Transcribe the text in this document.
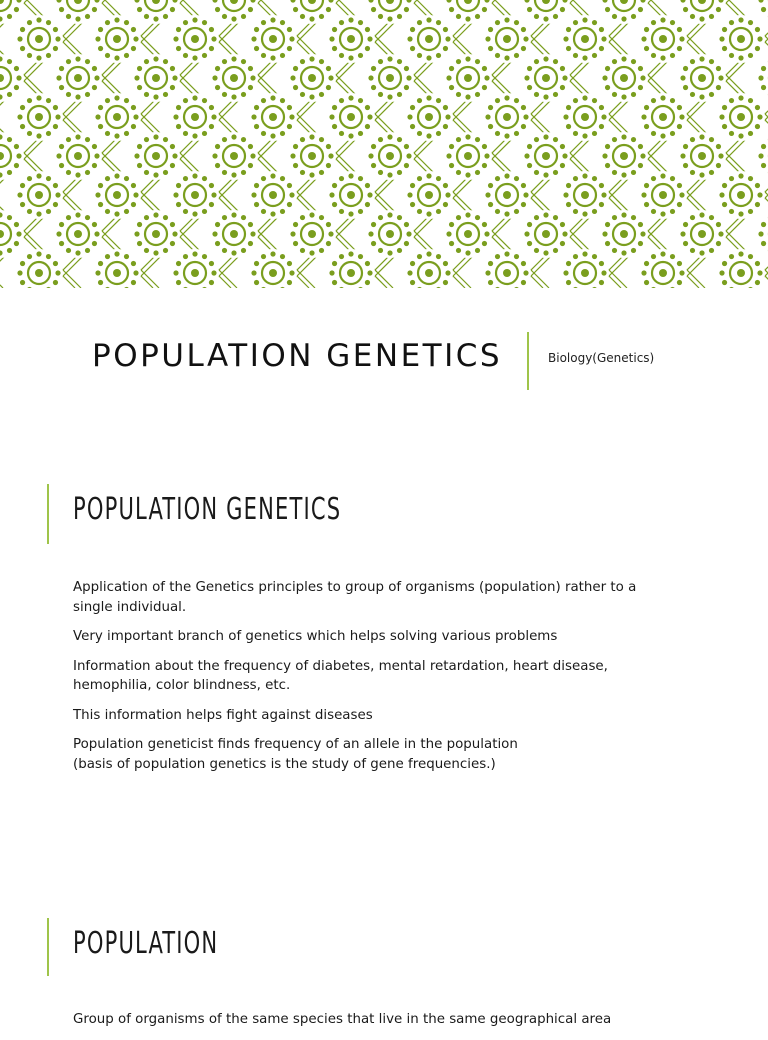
POPULATION GENETICS	Biology(Genetics)
POPULATION GENETICS
Application of the Genetics principles to group of organisms (population) rather to a single individual.
Very important branch of genetics which helps solving various problems
Information about the frequency of diabetes, mental retardation, heart disease, hemophilia, color blindness, etc.
This information helps fight against diseases
Population geneticist finds frequency of an allele in the population
(basis of population genetics is the study of gene frequencies.)
POPULATION
Group of organisms of the same species that live in the same geographical area
